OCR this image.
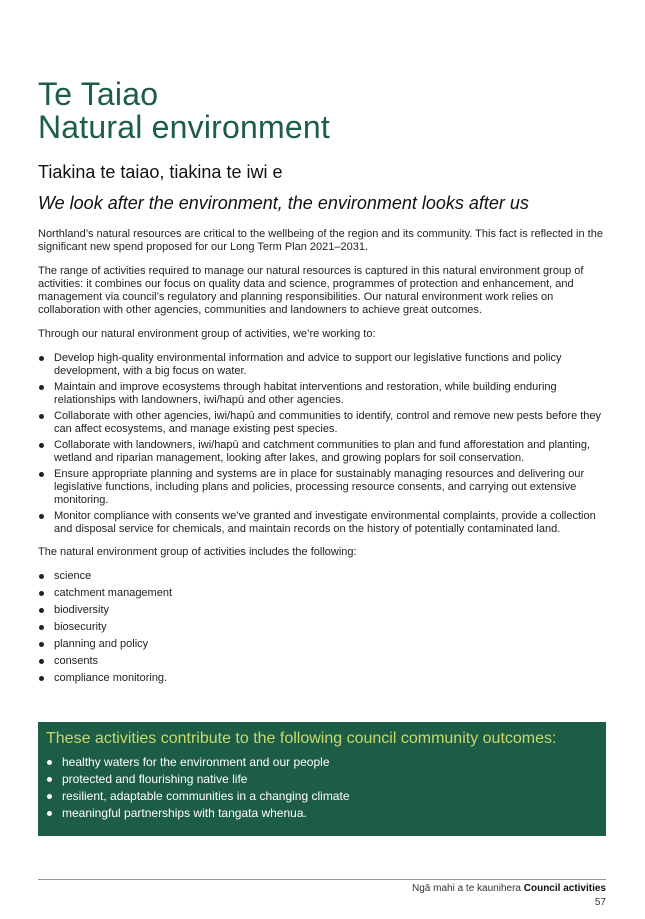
Te Taiao
Natural environment
Tiakina te taiao, tiakina te iwi e
We look after the environment, the environment looks after us

Northland’s natural resources are critical to the wellbeing of the region and its community. This fact is reflected in the significant new spend proposed for our Long Term Plan 2021–2031.

The range of activities required to manage our natural resources is captured in this natural environment group of activities: it combines our focus on quality data and science, programmes of protection and enhancement, and management via council’s regulatory and planning responsibilities. Our natural environment work relies on collaboration with other agencies, communities and landowners to achieve great outcomes.

Through our natural environment group of activities, we’re working to:

Develop high-quality environmental information and advice to support our legislative functions and policy development, with a big focus on water.
Maintain and improve ecosystems through habitat interventions and restoration, while building enduring relationships with landowners, iwi/hapū and other agencies.
Collaborate with other agencies, iwi/hapū and communities to identify, control and remove new pests before they can affect ecosystems, and manage existing pest species.
Collaborate with landowners, iwi/hapū and catchment communities to plan and fund afforestation and planting, wetland and riparian management, looking after lakes, and growing poplars for soil conservation.
Ensure appropriate planning and systems are in place for sustainably managing resources and delivering our legislative functions, including plans and policies, processing resource consents, and carrying out extensive monitoring.
Monitor compliance with consents we’ve granted and investigate environmental complaints, provide a collection and disposal service for chemicals, and maintain records on the history of potentially contaminated land.

The natural environment group of activities includes the following:

science
catchment management
biodiversity
biosecurity
planning and policy
consents
compliance monitoring.
These activities contribute to the following council community outcomes:
healthy waters for the environment and our people
protected and flourishing native life
resilient, adaptable communities in a changing climate
meaningful partnerships with tangata whenua.
Ngā mahi a te kaunihera Council activities
57
